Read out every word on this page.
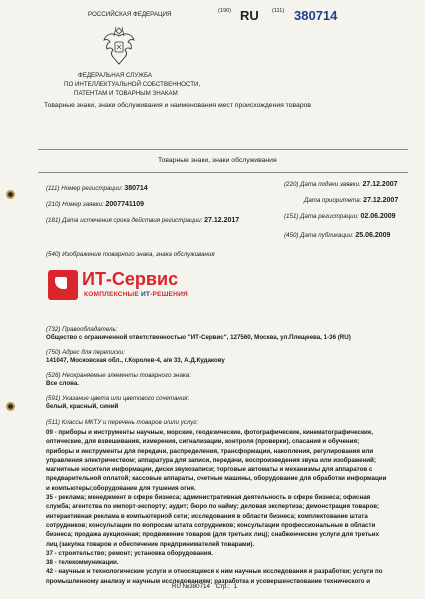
РОССИЙСКАЯ ФЕДЕРАЦИЯ	(190) RU (111) 380714
ФЕДЕРАЛЬНАЯ СЛУЖБА
ПО ИНТЕЛЛЕКТУАЛЬНОЙ СОБСТВЕННОСТИ,
ПАТЕНТАМ И ТОВАРНЫМ ЗНАКАМ
Товарные знаки, знаки обслуживания и наименования мест происхождения товаров
Товарные знаки, знаки обслуживания
(111) Номер регистрации: 380714
(210) Номер заявки: 2007741109
(181) Дата истечения срока действия регистрации: 27.12.2017
(220) Дата подачи заявки: 27.12.2007
Дата приоритета: 27.12.2007
(151) Дата регистрации: 02.06.2009
(450) Дата публикации: 25.06.2009
(540) Изображение товарного знака, знака обслуживания
ИТ-Сервис
КОМПЛЕКСНЫЕ ИТ-РЕШЕНИЯ
(732) Правообладатель:
Общество с ограниченной ответственностью "ИТ-Сервис", 127560, Москва, ул.Плещеева, 1-36 (RU)
(750) Адрес для переписки:
141047, Московская обл., г.Королев-4, а/я 33, А.Д.Кудакову
(526) Неохраняемые элементы товарного знака:
Все слова.
(591) Указание цвета или цветового сочетания:
белый, красный, синий
(511) Классы МКТУ и перечень товаров и/или услуг:
09 - приборы и инструменты научные, морские, геодезические, фотографические, кинематографические,
оптические, для взвешивания, измерения, сигнализации, контроля (проверки), спасания и обучения;
приборы и инструменты для передачи, распределения, трансформации, накопления, регулирования или
управления электричеством; аппаратура для записи, передачи, воспроизведения звука или изображений;
магнитные носители информации, диски звукозаписи; торговые автоматы и механизмы для аппаратов с
предварительной оплатой; кассовые аппараты, счетные машины, оборудование для обработки информации
и компьютеры;оборудование для тушения огня.
35 - реклама; менеджмент в сфере бизнеса; административная деятельность в сфере бизнеса; офисная
служба; агентства по импорт-экспорту; аудит; бюро по найму; деловая экспертиза; демонстрация товаров;
интерактивная реклама в компьютерной сети; исследования в области бизнеса; комплектование штата
сотрудников; консультации по вопросам штата сотрудников; консультации профессиональные в области
бизнеса; продажа аукционная; продвижение товаров (для третьих лиц); снабженческие услуги для третьих
лиц (закупка товаров и обеспечение предпринимателей товарами).
37 - строительство; ремонт; установка оборудования.
38 - телекоммуникации.
42 - научные и технологические услуги и относящиеся к ним научные исследования и разработки; услуги по
промышленному анализу и научным исследованиям; разработка и усовершенствование технического и
RU №380714 Стр.: 1
